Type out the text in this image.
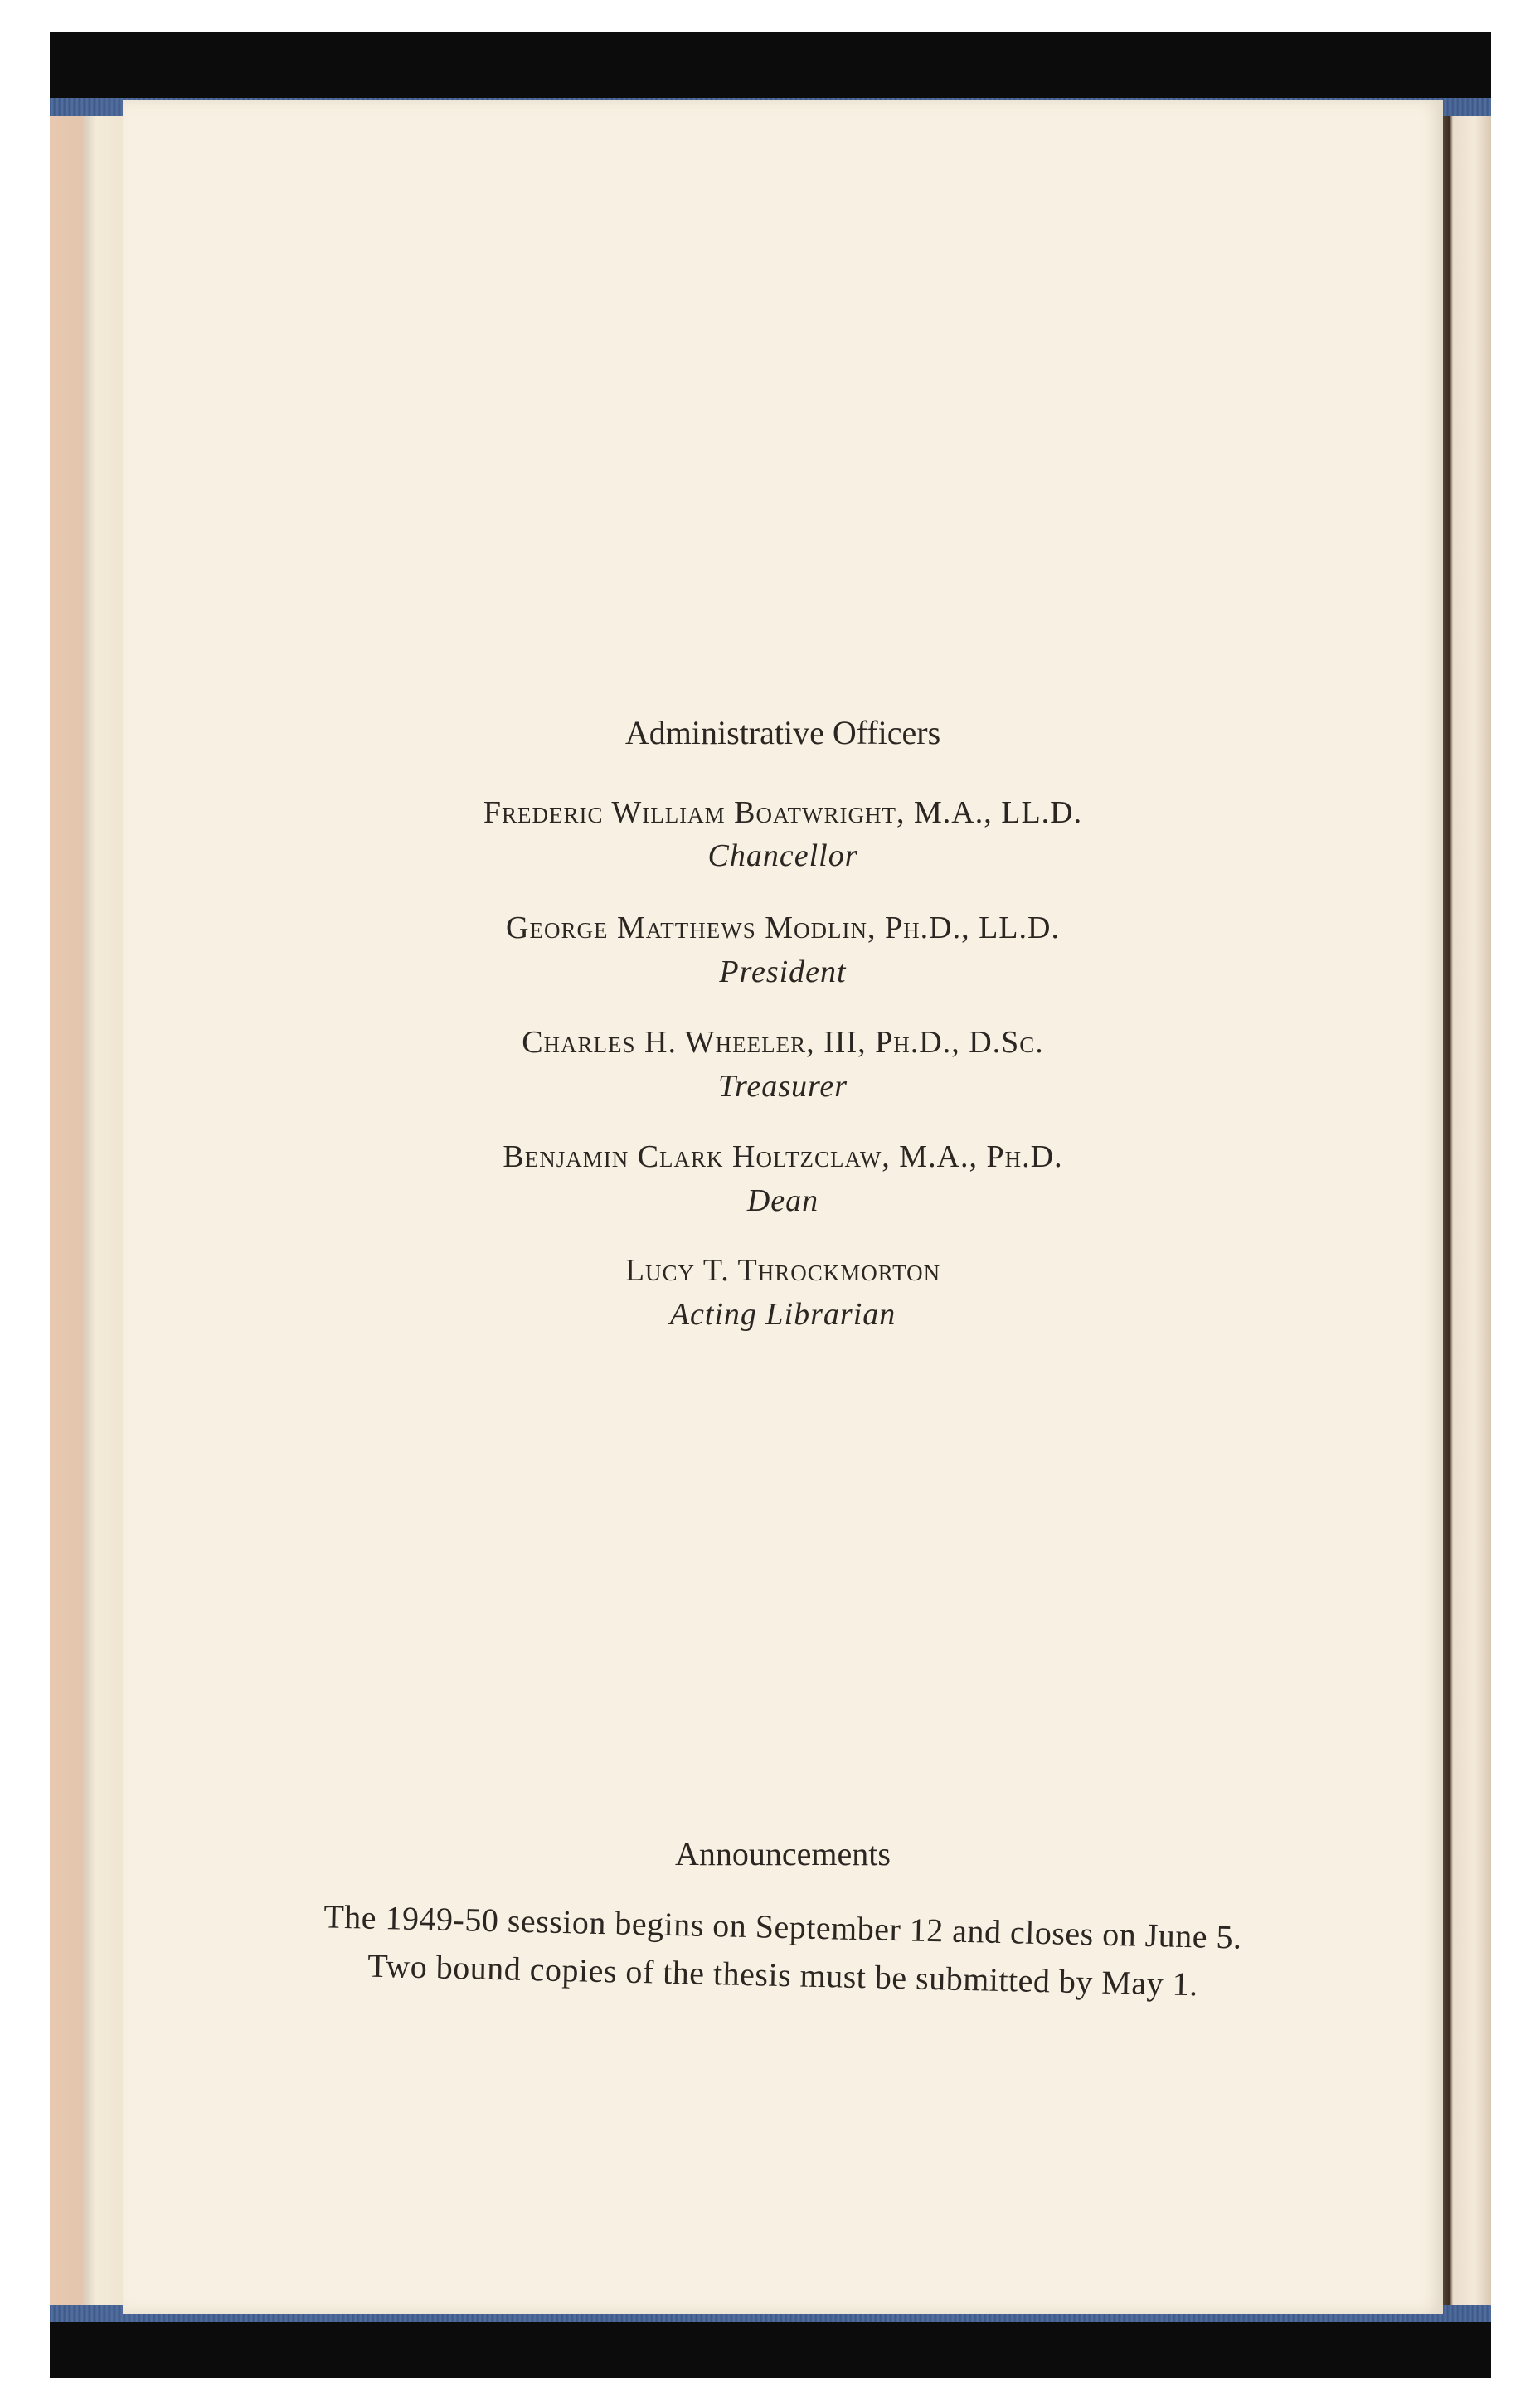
Administrative Officers
Frederic William Boatwright, M.A., LL.D.
Chancellor
George Matthews Modlin, Ph.D., LL.D.
President
Charles H. Wheeler, III, Ph.D., D.Sc.
Treasurer
Benjamin Clark Holtzclaw, M.A., Ph.D.
Dean
Lucy T. Throckmorton
Acting Librarian
Announcements
The 1949-50 session begins on September 12 and closes on June 5.
Two bound copies of the thesis must be submitted by May 1.
